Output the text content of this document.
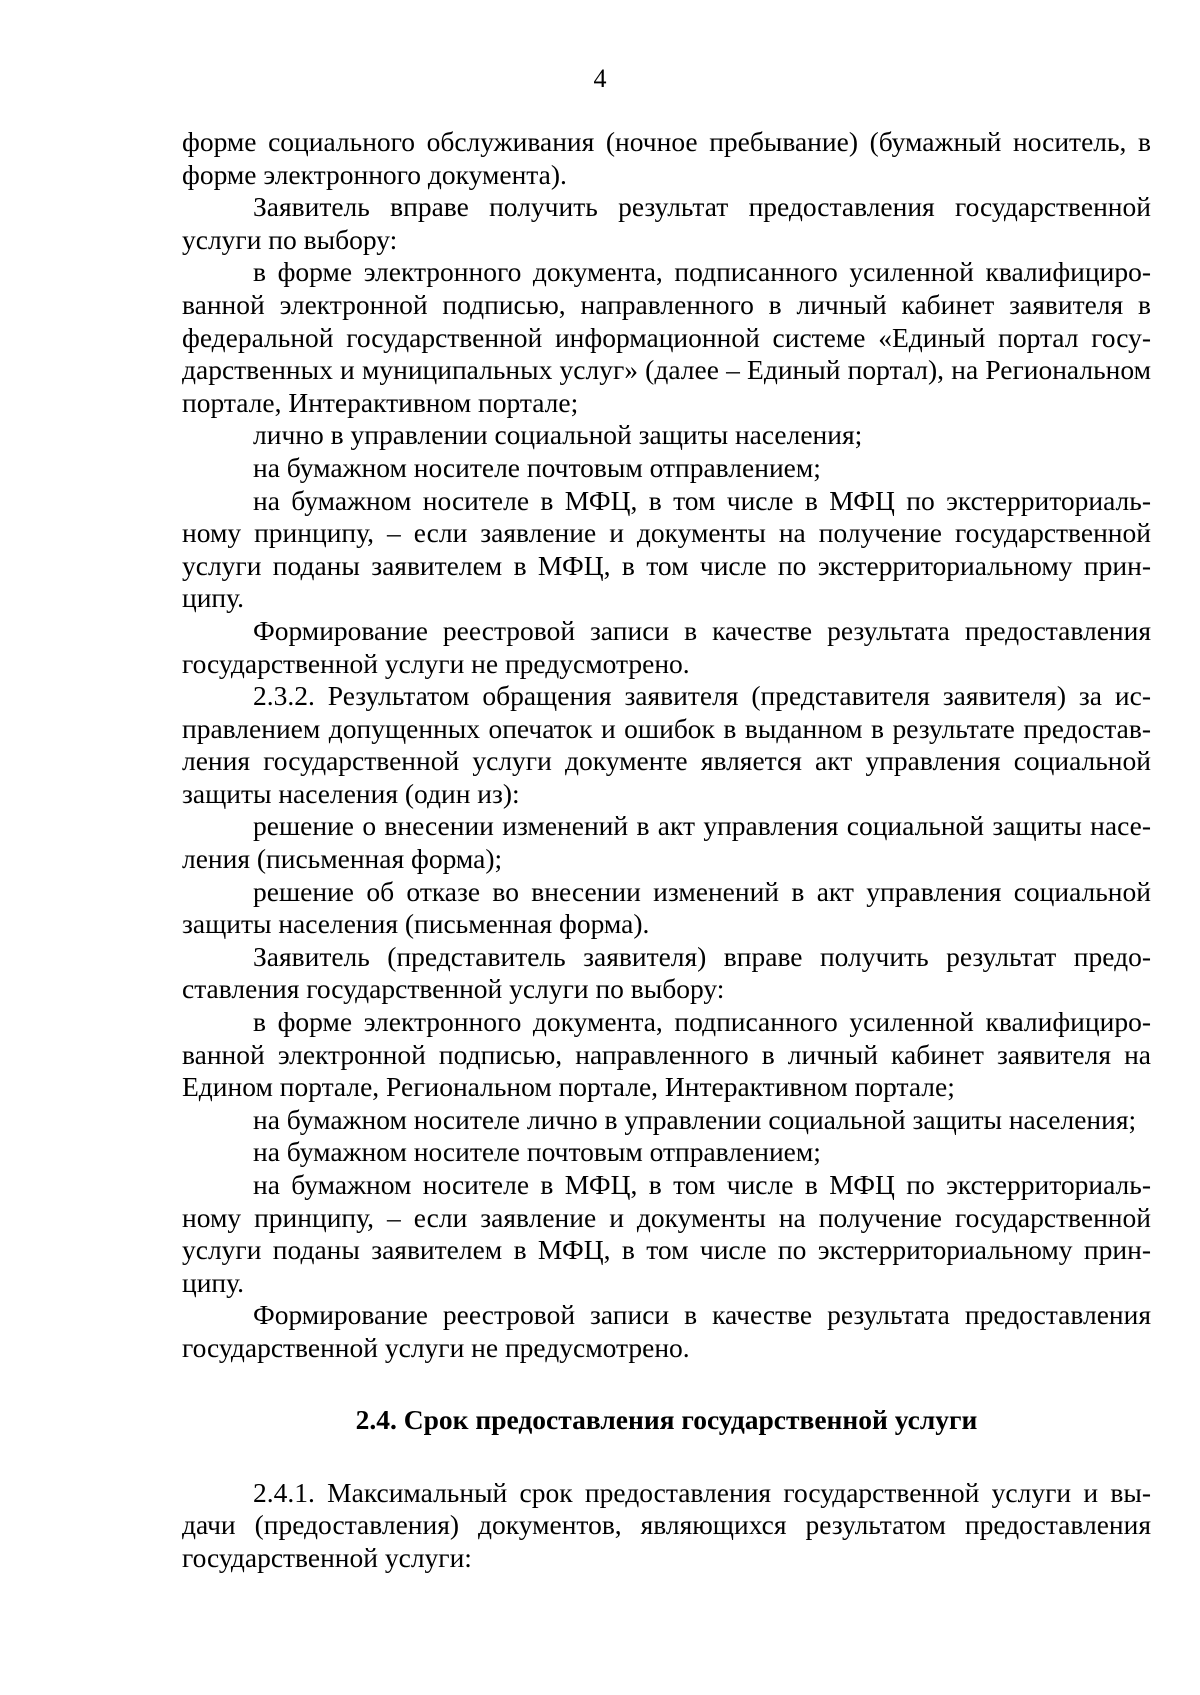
4

форме социального обслуживания (ночное пребывание) (бумажный носитель, в форме электронного документа).

Заявитель вправе получить результат предоставления государственной услуги по выбору:

в форме электронного документа, подписанного усиленной квалифицированной электронной подписью, направленного в личный кабинет заявителя в федеральной государственной информационной системе «Единый портал государственных и муниципальных услуг» (далее – Единый портал), на Региональном портале, Интерактивном портале;

лично в управлении социальной защиты населения;

на бумажном носителе почтовым отправлением;

на бумажном носителе в МФЦ, в том числе в МФЦ по экстерриториальному принципу, – если заявление и документы на получение государственной услуги поданы заявителем в МФЦ, в том числе по экстерриториальному принципу.

Формирование реестровой записи в качестве результата предоставления государственной услуги не предусмотрено.

2.3.2. Результатом обращения заявителя (представителя заявителя) за исправлением допущенных опечаток и ошибок в выданном в результате предоставления государственной услуги документе является акт управления социальной защиты населения (один из):

решение о внесении изменений в акт управления социальной защиты населения (письменная форма);

решение об отказе во внесении изменений в акт управления социальной защиты населения (письменная форма).

Заявитель (представитель заявителя) вправе получить результат предоставления государственной услуги по выбору:

в форме электронного документа, подписанного усиленной квалифицированной электронной подписью, направленного в личный кабинет заявителя на Едином портале, Региональном портале, Интерактивном портале;

на бумажном носителе лично в управлении социальной защиты населения;

на бумажном носителе почтовым отправлением;

на бумажном носителе в МФЦ, в том числе в МФЦ по экстерриториальному принципу, – если заявление и документы на получение государственной услуги поданы заявителем в МФЦ, в том числе по экстерриториальному принципу.

Формирование реестровой записи в качестве результата предоставления государственной услуги не предусмотрено.

2.4. Срок предоставления государственной услуги

2.4.1. Максимальный срок предоставления государственной услуги и выдачи (предоставления) документов, являющихся результатом предоставления государственной услуги:
